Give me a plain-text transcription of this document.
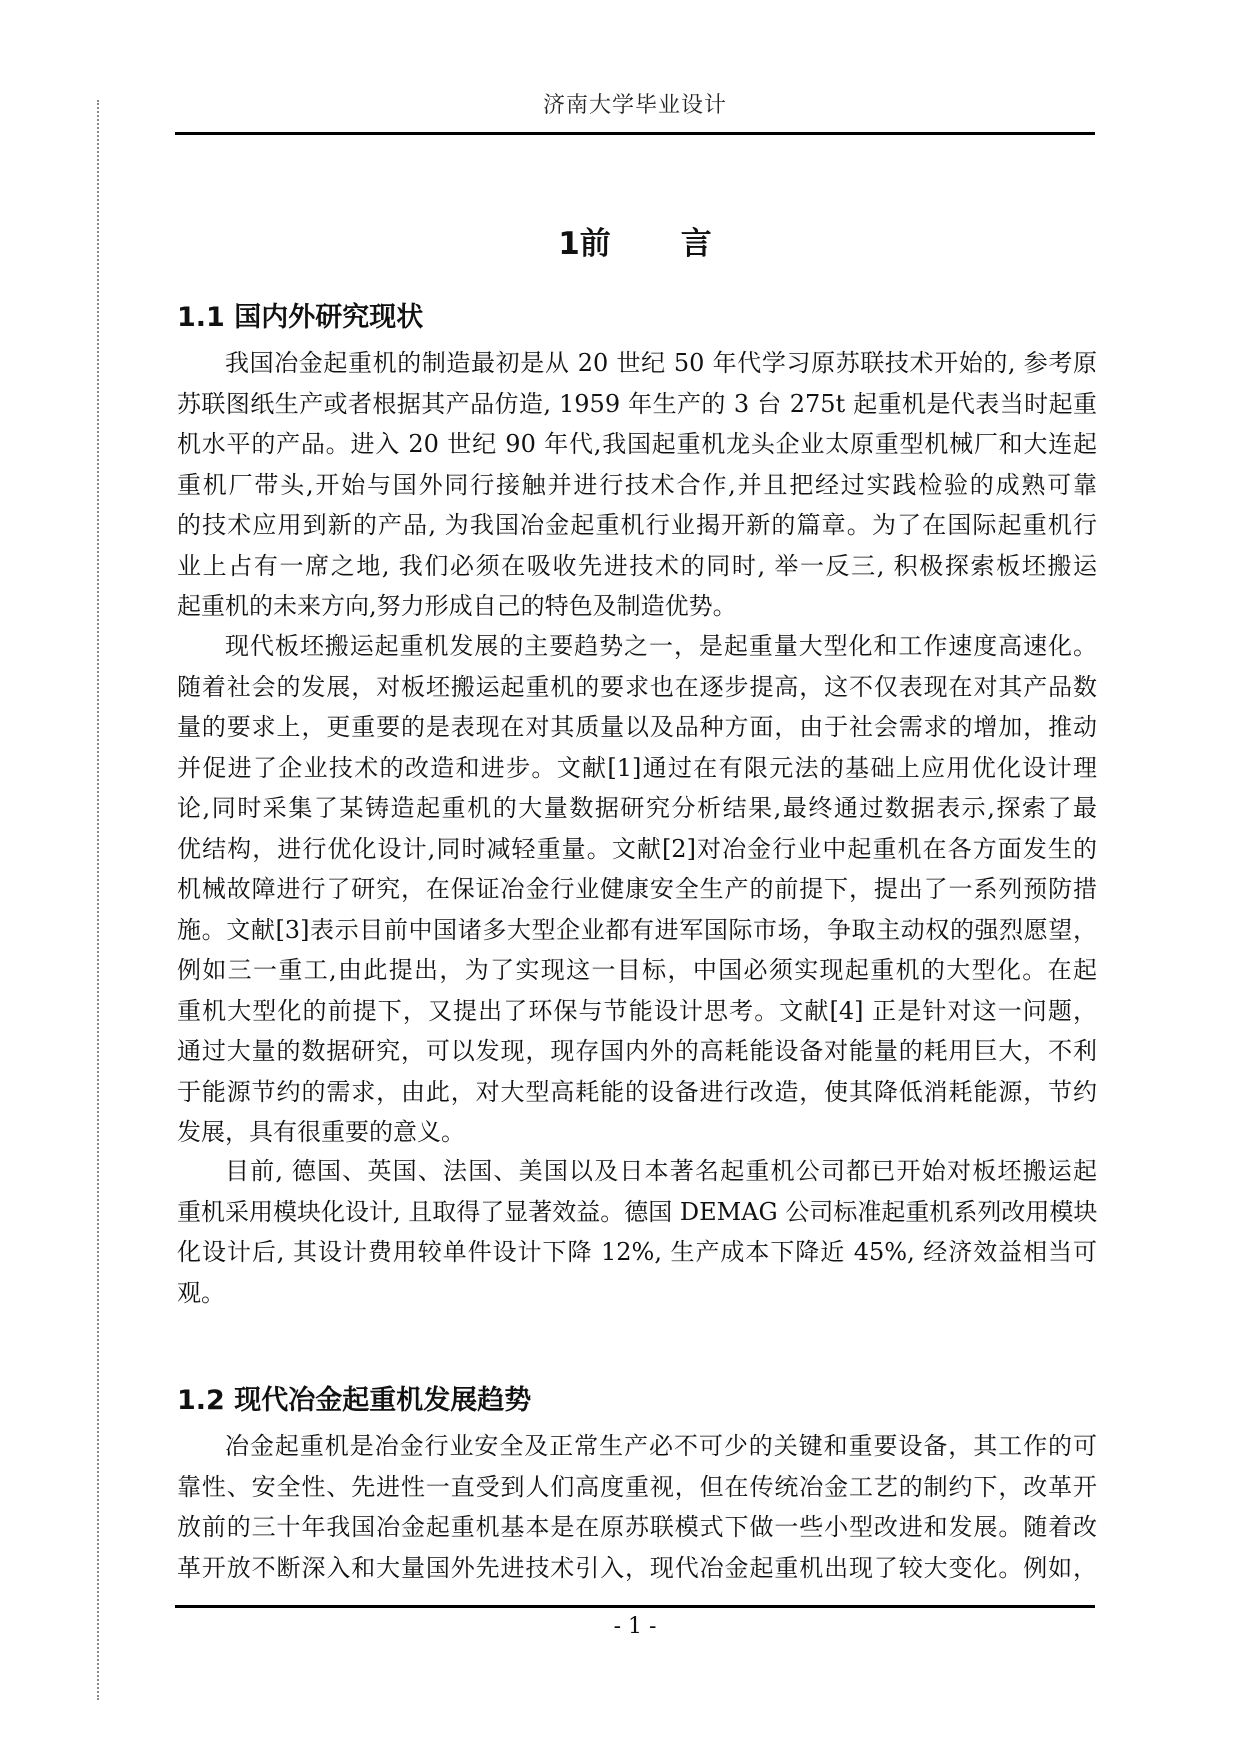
济南大学毕业设计
1前 言
1.1 国内外研究现状
我国冶金起重机的制造最初是从 20 世纪 50 年代学习原苏联技术开始的, 参考原
苏联图纸生产或者根据其产品仿造, 1959 年生产的 3 台 275t 起重机是代表当时起重
机水平的产品。进入 20 世纪 90 年代,我国起重机龙头企业太原重型机械厂和大连起
重机厂带头,开始与国外同行接触并进行技术合作,并且把经过实践检验的成熟可靠
的技术应用到新的产品, 为我国冶金起重机行业揭开新的篇章。为了在国际起重机行
业上占有一席之地, 我们必须在吸收先进技术的同时, 举一反三, 积极探索板坯搬运
起重机的未来方向,努力形成自己的特色及制造优势。
现代板坯搬运起重机发展的主要趋势之一，是起重量大型化和工作速度高速化。
随着社会的发展，对板坯搬运起重机的要求也在逐步提高，这不仅表现在对其产品数
量的要求上，更重要的是表现在对其质量以及品种方面，由于社会需求的增加，推动
并促进了企业技术的改造和进步。文献[1]通过在有限元法的基础上应用优化设计理
论,同时采集了某铸造起重机的大量数据研究分析结果,最终通过数据表示,探索了最
优结构，进行优化设计,同时减轻重量。文献[2]对冶金行业中起重机在各方面发生的
机械故障进行了研究，在保证冶金行业健康安全生产的前提下，提出了一系列预防措
施。文献[3]表示目前中国诸多大型企业都有进军国际市场，争取主动权的强烈愿望，
例如三一重工,由此提出，为了实现这一目标，中国必须实现起重机的大型化。在起
重机大型化的前提下，又提出了环保与节能设计思考。文献[4] 正是针对这一问题，
通过大量的数据研究，可以发现，现存国内外的高耗能设备对能量的耗用巨大，不利
于能源节约的需求，由此，对大型高耗能的设备进行改造，使其降低消耗能源，节约
发展，具有很重要的意义。
目前, 德国、英国、法国、美国以及日本著名起重机公司都已开始对板坯搬运起
重机采用模块化设计, 且取得了显著效益。德国 DEMAG 公司标准起重机系列改用模块
化设计后, 其设计费用较单件设计下降 12%, 生产成本下降近 45%, 经济效益相当可
观。
1.2 现代冶金起重机发展趋势
冶金起重机是冶金行业安全及正常生产必不可少的关键和重要设备，其工作的可
靠性、安全性、先进性一直受到人们高度重视，但在传统冶金工艺的制约下，改革开
放前的三十年我国冶金起重机基本是在原苏联模式下做一些小型改进和发展。随着改
革开放不断深入和大量国外先进技术引入，现代冶金起重机出现了较大变化。例如，
- 1 -
